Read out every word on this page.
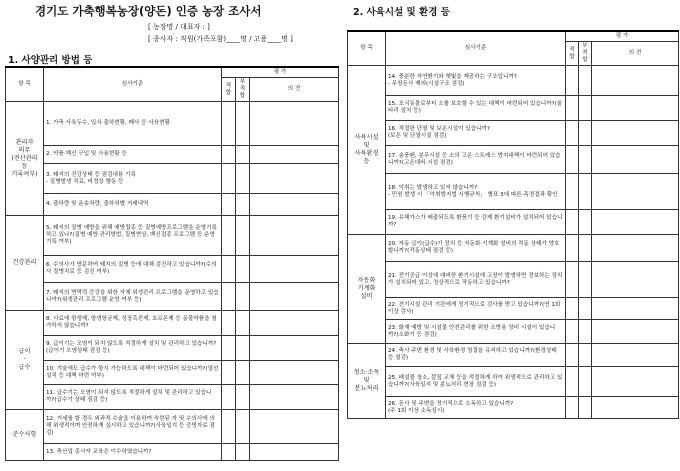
경기도 가축행복농장(양돈) 인증 농장 조사서
[ 농장명 / 대표자 : ]
[ 종사자 : 직원(가족포함)____명 / 고용____명 ]
1. 사양관리 방법 등
항 목	심사기준	평 가		
		적합	부적합	의 견
관리자
의무
(전산관리
등
기록여부)	1. 가축 사육두수, 입식·출하현황, 폐사 등 사육현황			
	2. 약품·백신 구입 및 사용현황 등			
	3. 돼지의 건강상태 등 점검내용 기록
- 질병발생 치료, 비정상 행동 등			
	4. 출하량 및 운송차량, 출하처별 거래내역			
건강관리	5. 돼지의 질병 예방을 위해 예방접종 등 질병예방프로그램을 운영기록하고 있나?(질병 예방·관리방법, 질병현상, 백신접종 프로그램 등 운영기록 여부)			
	6. 수의사가 방문하여 돼지의 질병 등에 대해 검진하고 있습니까?(수의사 질병치료 등 검진 여부)			
	7. 돼지의 면역력 증강을 위한 자체 위생관리 프로그램을 운영하고 있습니까?(위생관리 프로그램 운영 여부 등)			
급이
·
급수	8. 사료에 항생제, 항생항균제, 성장촉진제, 호르몬제 등 동물약품을 첨가하지 않습니까?			
	9. 급이기는 오염이 되지 않도록 적절하게 설치 및 관리하고 있습니까?(급이기 오염상태 점검 등)			
	10. 겨울에도 급수가 항시 가능하도록 대책이 마련되어 있습니까?(열선 설치 등 대책 마련 여부)			
	11. 급수기는 오염이 되지 않도록 적절하게 설치 및 관리하고 있습니까?(급수기 상태 점검 등)			
준수사항	12. 거세를 할 경우 외과적 수술을 이용하여 숙련된 자 및 수의사에 의해 위생적이며 안전하게 실시하고 있습니까?(사육일지 등 증빙자료 점검)			
	13. 축산업 종사자 교육은 이수하였습니까?			
2. 사육시설 및 환경 등
항 목	심사기준	평 가		
		적합	부적합	의 견
사육시설
및
사육환경
등	14. 충분한 자연환기와 햇빛을 제공하는 구조입니까?
- 무창돈사 제외(시설구조 점검)			
	15. 포식동물로부터 소를 보호할 수 있는 대책이 마련되어 있습니까?(울타리 설치 등)			
	16. 적절한 단열 및 보온시설이 있습니까?
(보온 및 단열시설 점검)			
	17. 송풍팬, 분무시설 등 소의 고온 스트레스 방지대책이 마련되어 있습니까?(고온대비 시설 점검)			
	18. 악취는 발생하고 있지 않습니까?
- 민원 발생 시 「악취방지법 시행규칙」 별표 3에 따른 측정결과 확인			
	19. 유해가스가 배출되도록 환풍기 등 강제 환기설비가 설치되어 있습니까?			
자동화
기계화
설비	20. 자동 급이(급수)기 장치 등 자동화·기계화 설비의 작동 상태가 양호합니까?(작동상태 점검 등)			
	21. 전기공급 이상에 대비한 환기시설에 고장이 발생하면 경보하는 장치가 설치되어 있고, 정상적으로 작동하고 있습니까?			
	22. 전기시설 관리 기관에게 정기적으로 검사를 받고 있습니까?(연 1회 이상 검사)			
	23. 화재 예방 및 시설물 안전관리를 위한 소방용 장비 시설이 있습니까?(소화기 등 점검)			
청소·소독
및
분뇨처리	24. 축사 주변 환경 및 사육환경 청결을 유지하고 있습니까?(환경상태 등 점검)			
	25. 배설물 청소, 깔짚 교체 등을 적절하게 하여 위생적으로 관리하고 있습니까?(사육일지 및 분뇨처리 현장 점검 등)			
	26. 돈사 및 주변을 정기적으로 소독하고 있습니까?
(주 1회 이상 소독실시)			
